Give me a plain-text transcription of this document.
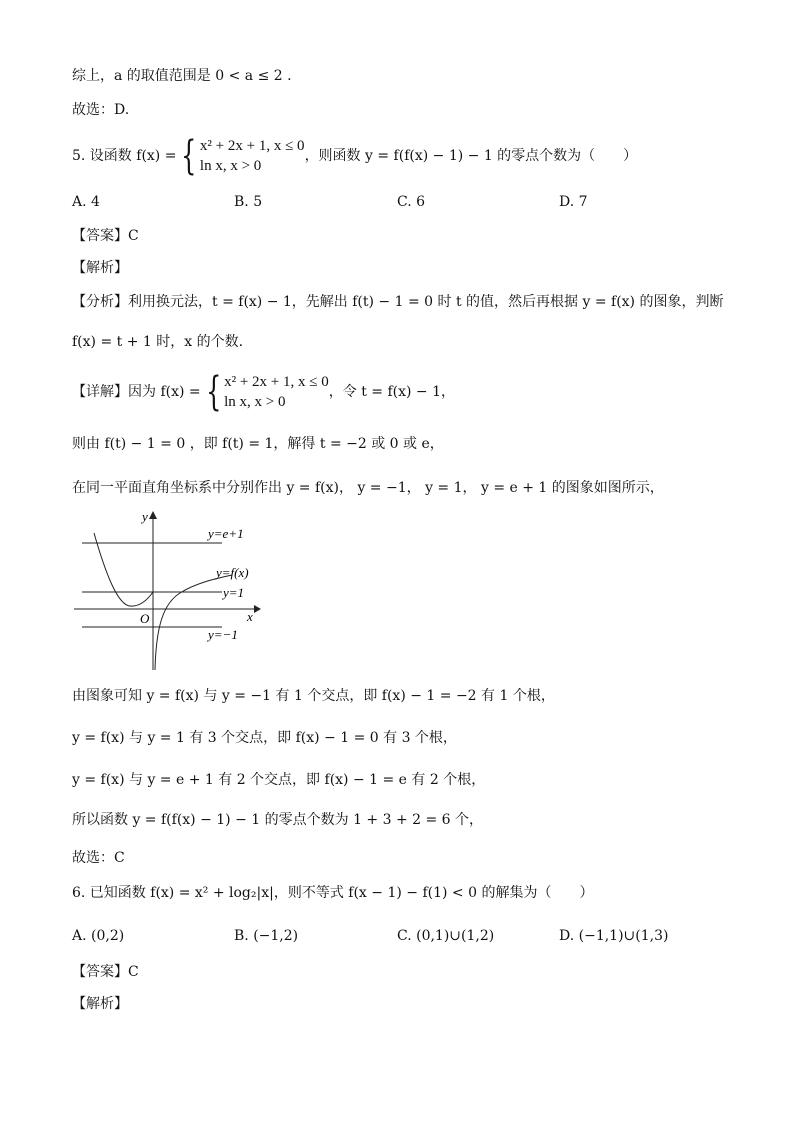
综上，a 的取值范围是 0 < a ≤ 2 .
故选：D.
5. 设函数 f(x) = { x² + 2x + 1, x ≤ 0
ln x, x > 0
，则函数 y = f(f(x) − 1) − 1 的零点个数为（　　）
A. 4	B. 5	C. 6	D. 7
【答案】C
【解析】
【分析】利用换元法，t = f(x) − 1，先解出 f(t) − 1 = 0 时 t 的值，然后再根据 y = f(x) 的图象，判断
f(x) = t + 1 时，x 的个数.
【详解】因为 f(x) = { x² + 2x + 1, x ≤ 0
ln x, x > 0
，令 t = f(x) − 1，
则由 f(t) − 1 = 0 ，即 f(t) = 1，解得 t = −2 或 0 或 e，
在同一平面直角坐标系中分别作出 y = f(x)， y = −1， y = 1， y = e + 1 的图象如图所示，
y
x
O
y=e+1
y=f(x)
y=1
y=−1
由图象可知 y = f(x) 与 y = −1 有 1 个交点，即 f(x) − 1 = −2 有 1 个根，
y = f(x) 与 y = 1 有 3 个交点，即 f(x) − 1 = 0 有 3 个根，
y = f(x) 与 y = e + 1 有 2 个交点，即 f(x) − 1 = e 有 2 个根，
所以函数 y = f(f(x) − 1) − 1 的零点个数为 1 + 3 + 2 = 6 个，
故选：C
6. 已知函数 f(x) = x² + log₂|x|，则不等式 f(x − 1) − f(1) < 0 的解集为（　　）
A. (0,2)	B. (−1,2)	C. (0,1)∪(1,2)	D. (−1,1)∪(1,3)
【答案】C
【解析】
